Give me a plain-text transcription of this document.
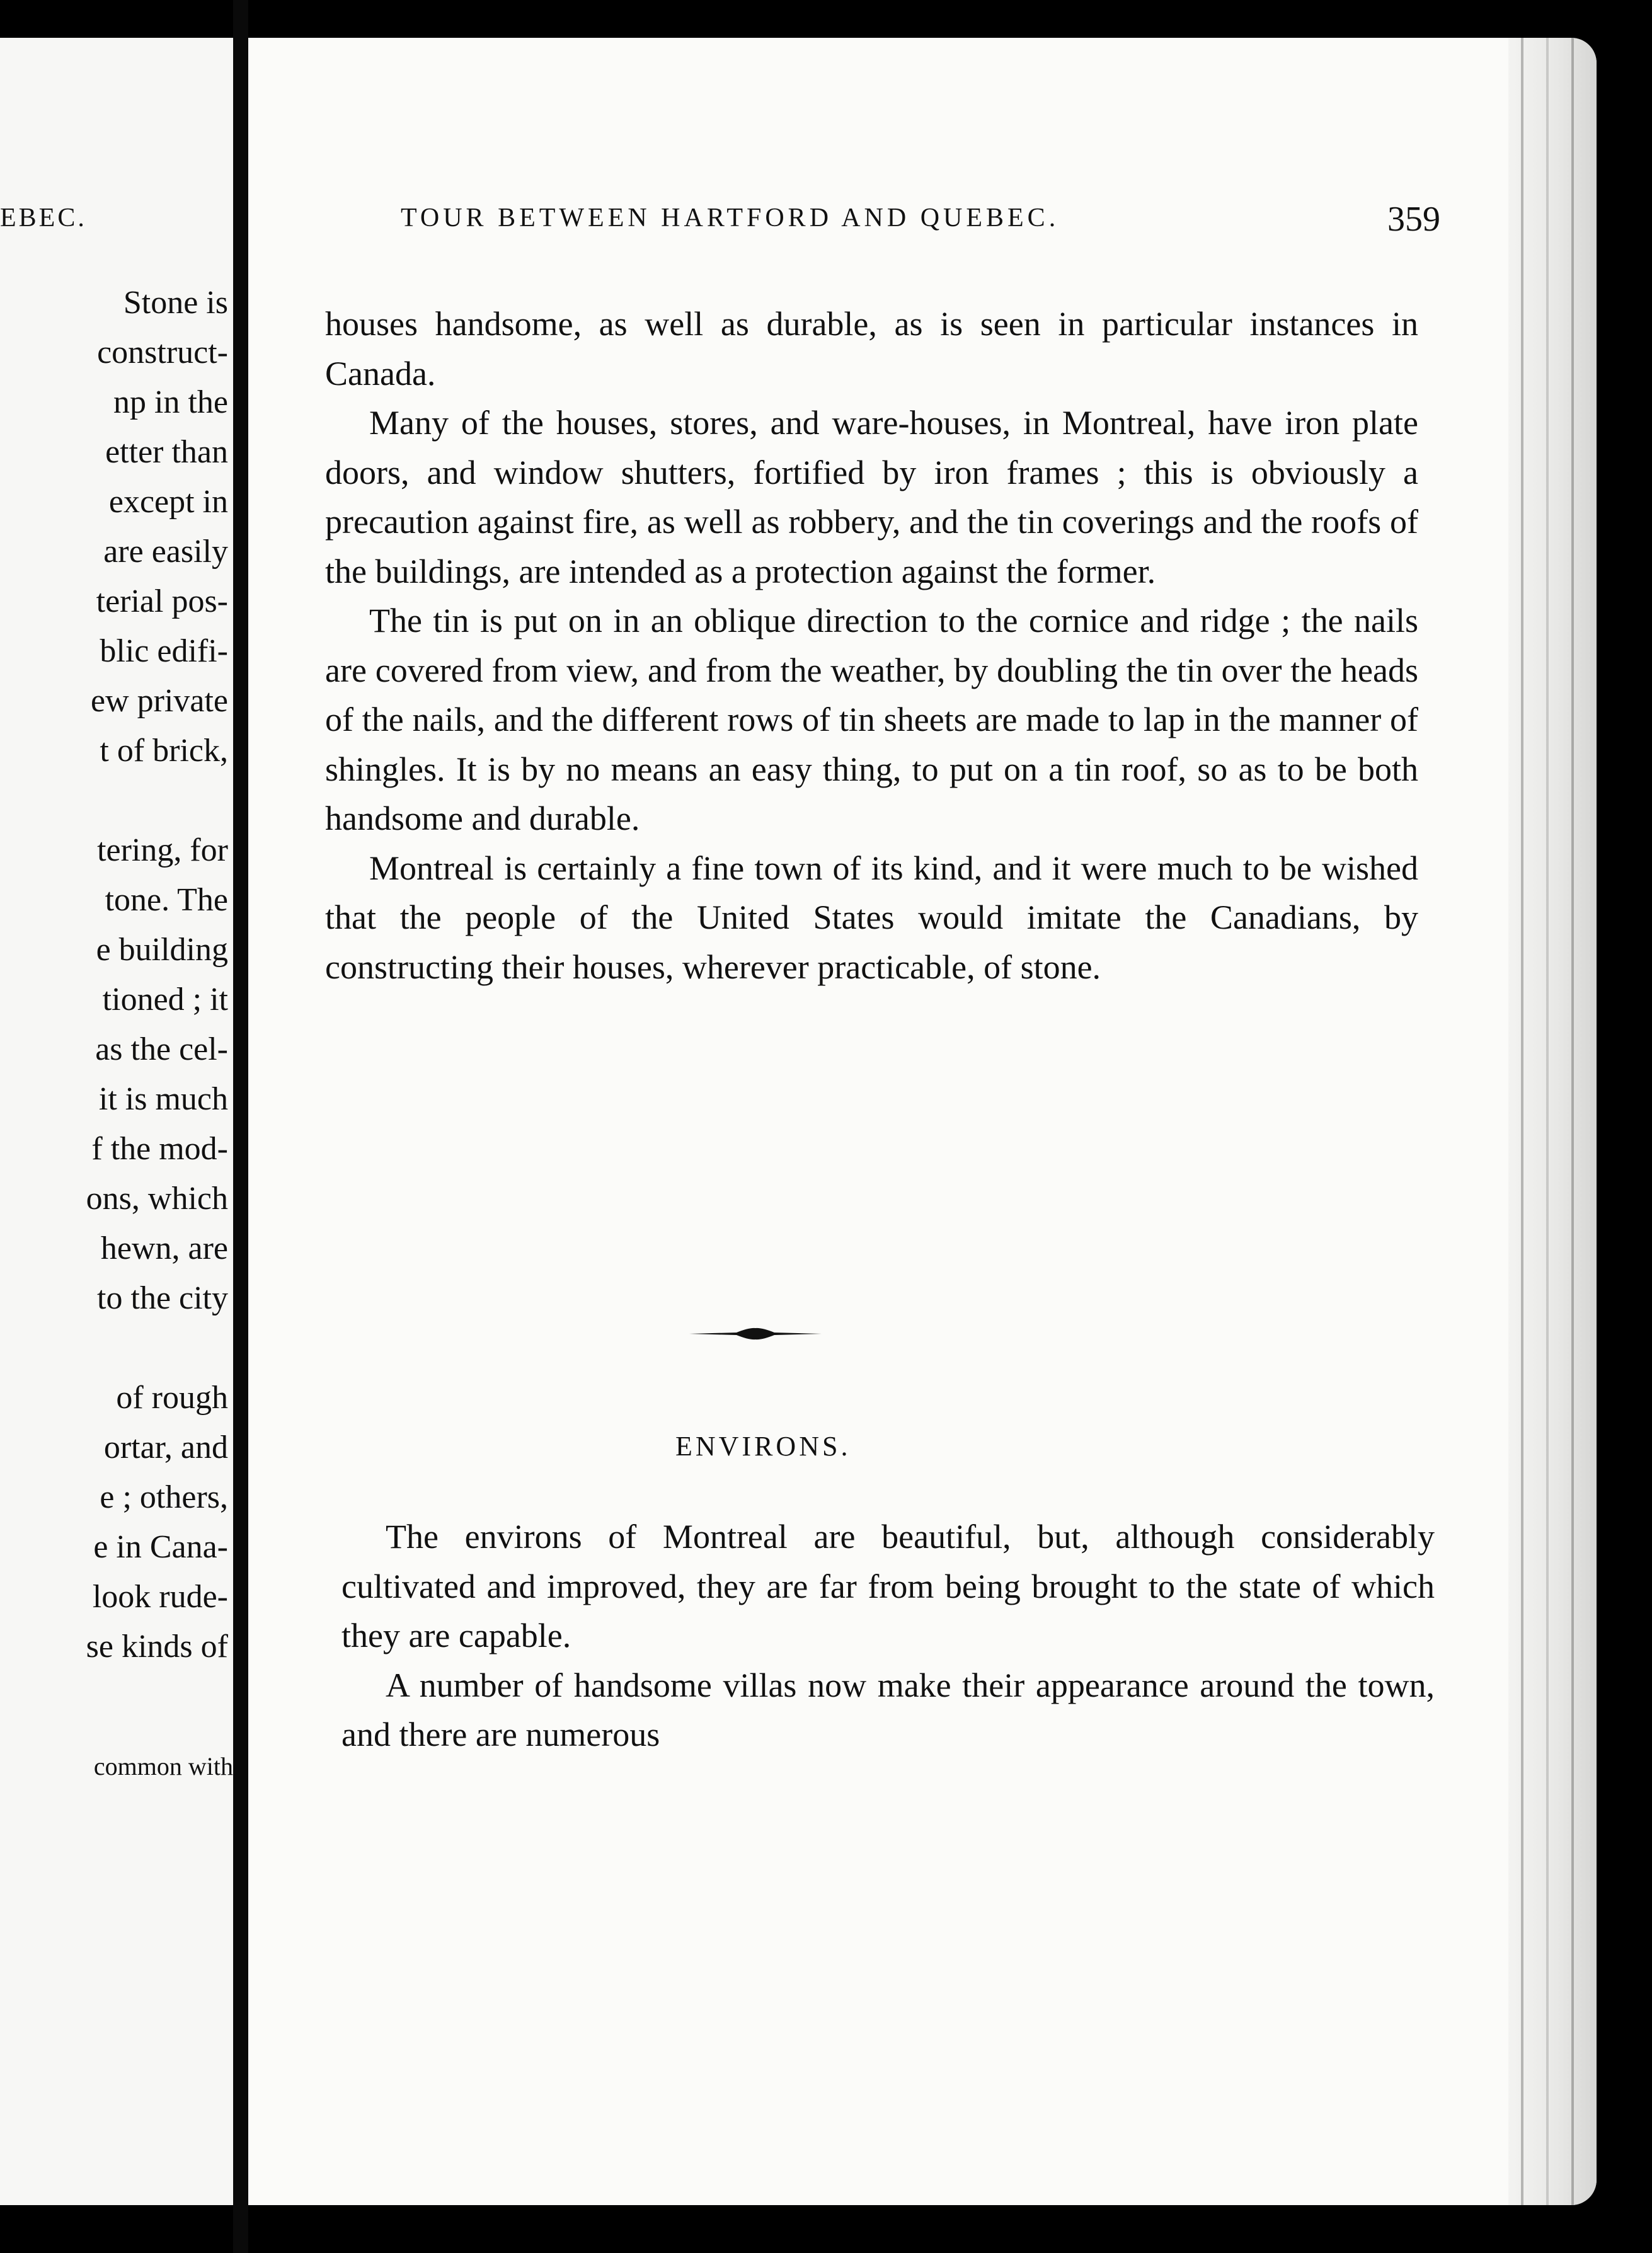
EBEC.
Stone is
construct-
np in the
etter than
except in
are easily
terial pos-
blic edifi-
ew private
t of brick,
tering, for
tone. The
e building
tioned ; it
as the cel-
it is much
f the mod-
ons, which
hewn, are
to the city
of rough
ortar, and
e ; others,
e in Cana-
look rude-
se kinds of
common with
TOUR BETWEEN HARTFORD AND QUEBEC.	359

houses handsome, as well as durable, as is seen in particular instances in Canada.

Many of the houses, stores, and ware-houses, in Montreal, have iron plate doors, and window shutters, fortified by iron frames ; this is obviously a precaution against fire, as well as robbery, and the tin coverings and the roofs of the buildings, are intended as a protection against the former.

The tin is put on in an oblique direction to the cornice and ridge ; the nails are covered from view, and from the weather, by doubling the tin over the heads of the nails, and the different rows of tin sheets are made to lap in the manner of shingles. It is by no means an easy thing, to put on a tin roof, so as to be both handsome and durable.

Montreal is certainly a fine town of its kind, and it were much to be wished that the people of the United States would imitate the Canadians, by constructing their houses, wherever practicable, of stone.

ENVIRONS.

The environs of Montreal are beautiful, but, although considerably cultivated and improved, they are far from being brought to the state of which they are capable.

A number of handsome villas now make their appearance around the town, and there are numerous
